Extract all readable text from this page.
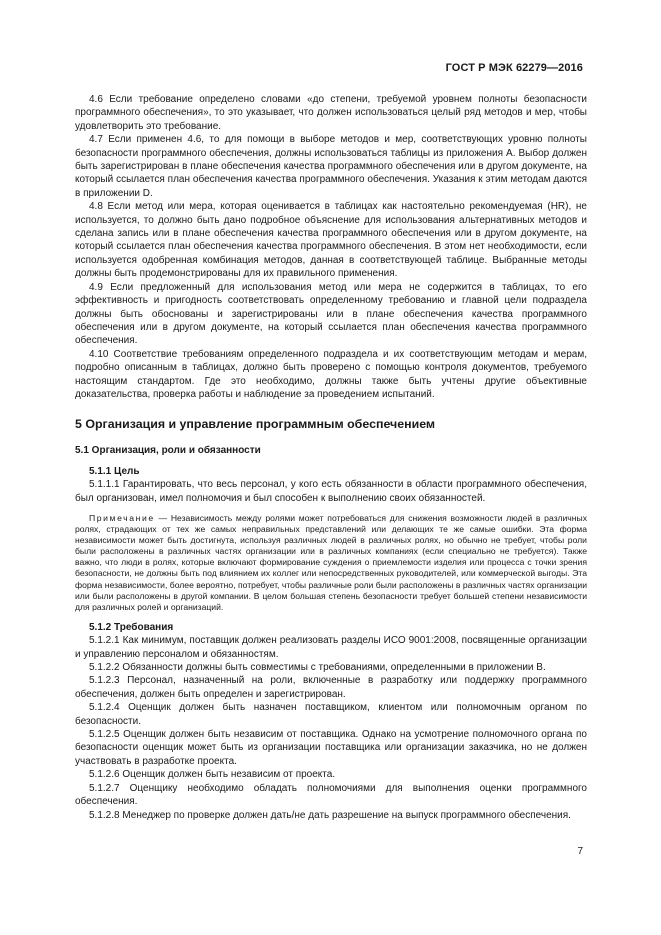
ГОСТ Р МЭК 62279—2016

4.6 Если требование определено словами «до степени, требуемой уровнем полноты безопасности программного обеспечения», то это указывает, что должен использоваться целый ряд методов и мер, чтобы удовлетворить это требование.

4.7 Если применен 4.6, то для помощи в выборе методов и мер, соответствующих уровню полноты безопасности программного обеспечения, должны использоваться таблицы из приложения А. Выбор должен быть зарегистрирован в плане обеспечения качества программного обеспечения или в другом документе, на который ссылается план обеспечения качества программного обеспечения. Указания к этим методам даются в приложении D.

4.8 Если метод или мера, которая оценивается в таблицах как настоятельно рекомендуемая (HR), не используется, то должно быть дано подробное объяснение для использования альтернативных методов и сделана запись или в плане обеспечения качества программного обеспечения или в другом документе, на который ссылается план обеспечения качества программного обеспечения. В этом нет необходимости, если используется одобренная комбинация методов, данная в соответствующей таблице. Выбранные методы должны быть продемонстрированы для их правильного применения.

4.9 Если предложенный для использования метод или мера не содержится в таблицах, то его эффективность и пригодность соответствовать определенному требованию и главной цели подраздела должны быть обоснованы и зарегистрированы или в плане обеспечения качества программного обеспечения или в другом документе, на который ссылается план обеспечения качества программного обеспечения.

4.10 Соответствие требованиям определенного подраздела и их соответствующим методам и мерам, подробно описанным в таблицах, должно быть проверено с помощью контроля документов, требуемого настоящим стандартом. Где это необходимо, должны также быть учтены другие объективные доказательства, проверка работы и наблюдение за проведением испытаний.

5 Организация и управление программным обеспечением
5.1 Организация, роли и обязанности
5.1.1 Цель

5.1.1.1 Гарантировать, что весь персонал, у кого есть обязанности в области программного обеспечения, был организован, имел полномочия и был способен к выполнению своих обязанностей.

Примечание — Независимость между ролями может потребоваться для снижения возможности людей в различных ролях, страдающих от тех же самых неправильных представлений или делающих те же самые ошибки. Эта форма независимости может быть достигнута, используя различных людей в различных ролях, но обычно не требует, чтобы роли были расположены в различных частях организации или в различных компаниях (если специально не требуется). Также важно, что люди в ролях, которые включают формирование суждения о приемлемости изделия или процесса с точки зрения безопасности, не должны быть под влиянием их коллег или непосредственных руководителей, или коммерческой выгоды. Эта форма независимости, более вероятно, потребует, чтобы различные роли были расположены в различных частях организации или были расположены в другой компании. В целом большая степень безопасности требует большей степени независимости для различных ролей и организаций.

5.1.2 Требования

5.1.2.1 Как минимум, поставщик должен реализовать разделы ИСО 9001:2008, посвященные организации и управлению персоналом и обязанностям.

5.1.2.2 Обязанности должны быть совместимы с требованиями, определенными в приложении В.

5.1.2.3 Персонал, назначенный на роли, включенные в разработку или поддержку программного обеспечения, должен быть определен и зарегистрирован.

5.1.2.4 Оценщик должен быть назначен поставщиком, клиентом или полномочным органом по безопасности.

5.1.2.5 Оценщик должен быть независим от поставщика. Однако на усмотрение полномочного органа по безопасности оценщик может быть из организации поставщика или организации заказчика, но не должен участвовать в разработке проекта.

5.1.2.6 Оценщик должен быть независим от проекта.

5.1.2.7 Оценщику необходимо обладать полномочиями для выполнения оценки программного обеспечения.

5.1.2.8 Менеджер по проверке должен дать/не дать разрешение на выпуск программного обеспечения.

7
